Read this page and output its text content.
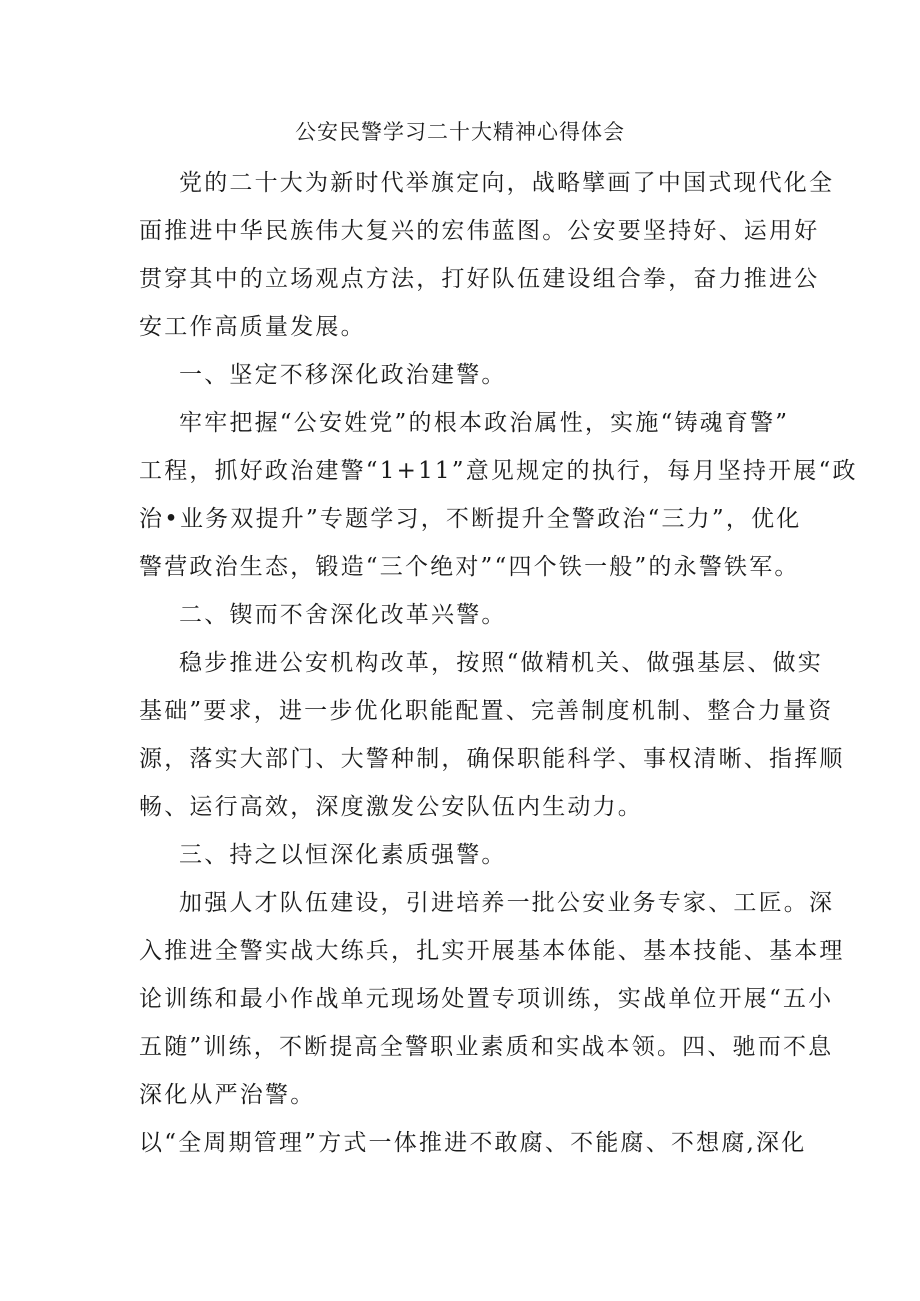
公安民警学习二十大精神心得体会
党的二十大为新时代举旗定向，战略擘画了中国式现代化全
面推进中华民族伟大复兴的宏伟蓝图。公安要坚持好、运用好
贯穿其中的立场观点方法，打好队伍建设组合拳，奋力推进公
安工作高质量发展。
一、坚定不移深化政治建警。
牢牢把握“公安姓党”的根本政治属性，实施“铸魂育警”
工程，抓好政治建警“1+11”意见规定的执行，每月坚持开展“政
治•业务双提升”专题学习，不断提升全警政治“三力”，优化
警营政治生态，锻造“三个绝对”“四个铁一般”的永警铁军。
二、锲而不舍深化改革兴警。
稳步推进公安机构改革，按照“做精机关、做强基层、做实
基础”要求，进一步优化职能配置、完善制度机制、整合力量资
源，落实大部门、大警种制，确保职能科学、事权清晰、指挥顺
畅、运行高效，深度激发公安队伍内生动力。
三、持之以恒深化素质强警。
加强人才队伍建设，引进培养一批公安业务专家、工匠。深
入推进全警实战大练兵，扎实开展基本体能、基本技能、基本理
论训练和最小作战单元现场处置专项训练，实战单位开展“五小
五随”训练，不断提高全警职业素质和实战本领。四、驰而不息
深化从严治警。
以“全周期管理”方式一体推进不敢腐、不能腐、不想腐,深化
